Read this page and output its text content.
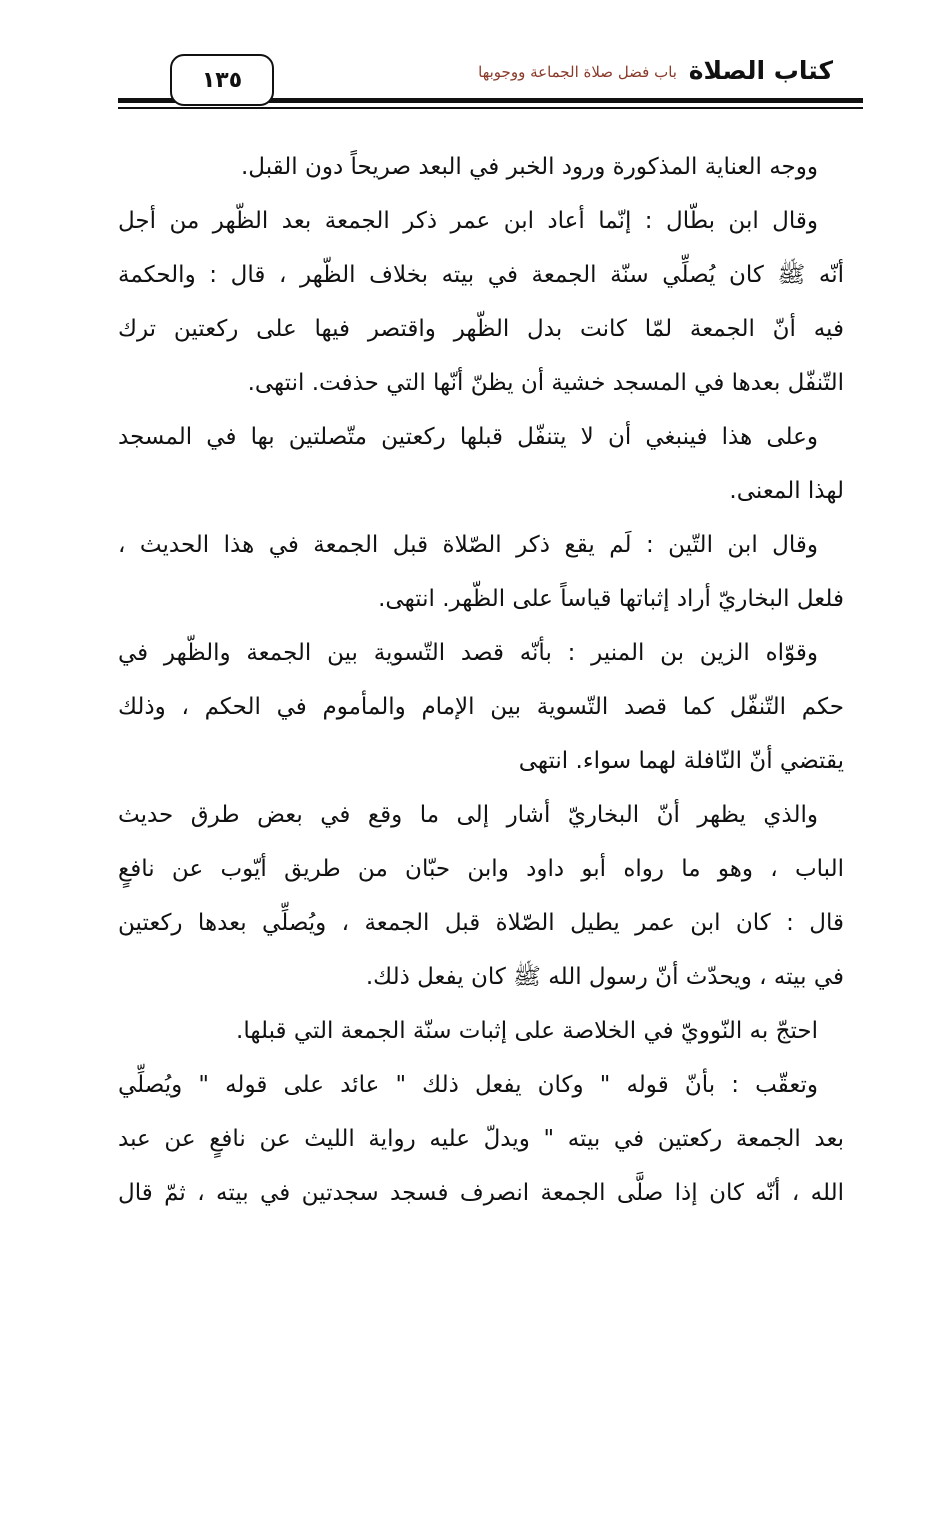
كتاب الصلاة
باب فضل صلاة الجماعة ووجوبها
١٣٥
ووجه العناية المذكورة ورود الخبر في البعد صريحاً دون القبل.
وقال ابن بطّال : إنّما أعاد ابن عمر ذكر الجمعة بعد الظّهر من أجل
أنّه ﷺ كان يُصلِّي سنّة الجمعة في بيته بخلاف الظّهر ، قال : والحكمة
فيه أنّ الجمعة لمّا كانت بدل الظّهر واقتصر فيها على ركعتين ترك
التّنفّل بعدها في المسجد خشية أن يظنّ أنّها التي حذفت. انتهى.
وعلى هذا فينبغي أن لا يتنفّل قبلها ركعتين متّصلتين بها في المسجد
لهذا المعنى.
وقال ابن التّين : لَم يقع ذكر الصّلاة قبل الجمعة في هذا الحديث ،
فلعل البخاريّ أراد إثباتها قياساً على الظّهر. انتهى.
وقوّاه الزين بن المنير : بأنّه قصد التّسوية بين الجمعة والظّهر في
حكم التّنفّل كما قصد التّسوية بين الإمام والمأموم في الحكم ، وذلك
يقتضي أنّ النّافلة لهما سواء. انتهى
والذي يظهر أنّ البخاريّ أشار إلى ما وقع في بعض طرق حديث
الباب ، وهو ما رواه أبو داود وابن حبّان من طريق أيّوب عن نافعٍ
قال : كان ابن عمر يطيل الصّلاة قبل الجمعة ، ويُصلِّي بعدها ركعتين
في بيته ، ويحدّث أنّ رسول الله ﷺ كان يفعل ذلك.
احتجّ به النّوويّ في الخلاصة على إثبات سنّة الجمعة التي قبلها.
وتعقّب : بأنّ قوله " وكان يفعل ذلك " عائد على قوله " ويُصلِّي
بعد الجمعة ركعتين في بيته " ويدلّ عليه رواية الليث عن نافعٍ عن عبد
الله ، أنّه كان إذا صلَّى الجمعة انصرف فسجد سجدتين في بيته ، ثمّ قال
